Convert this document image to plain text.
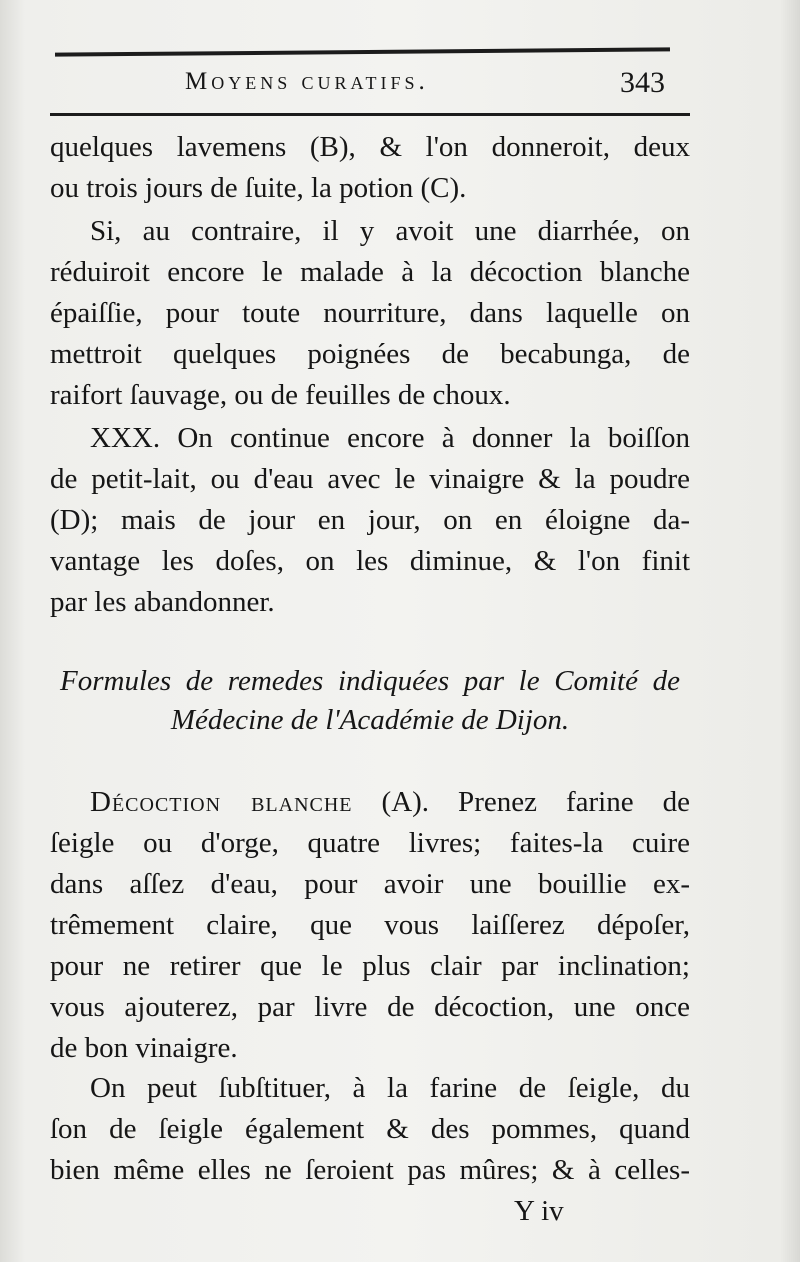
Moyens curatifs.	343
quelques lavemens (B), & l'on donneroit, deux
ou trois jours de ſuite, la potion (C).
Si, au contraire, il y avoit une diarrhée, on
réduiroit encore le malade à la décoction blanche
épaiſſie, pour toute nourriture, dans laquelle on
mettroit quelques poignées de becabunga, de
raifort ſauvage, ou de feuilles de choux.
XXX. On continue encore à donner la boiſſon
de petit-lait, ou d'eau avec le vinaigre & la poudre
(D); mais de jour en jour, on en éloigne da-
vantage les doſes, on les diminue, & l'on finit
par les abandonner.
Formules de remedes indiquées par le Comité de
Médecine de l'Académie de Dijon.
Décoction blanche (A). Prenez farine de
ſeigle ou d'orge, quatre livres; faites-la cuire
dans aſſez d'eau, pour avoir une bouillie ex-
trêmement claire, que vous laiſſerez dépoſer,
pour ne retirer que le plus clair par inclination;
vous ajouterez, par livre de décoction, une once
de bon vinaigre.
On peut ſubſtituer, à la farine de ſeigle, du
ſon de ſeigle également & des pommes, quand
bien même elles ne ſeroient pas mûres; & à celles-
Y iv
